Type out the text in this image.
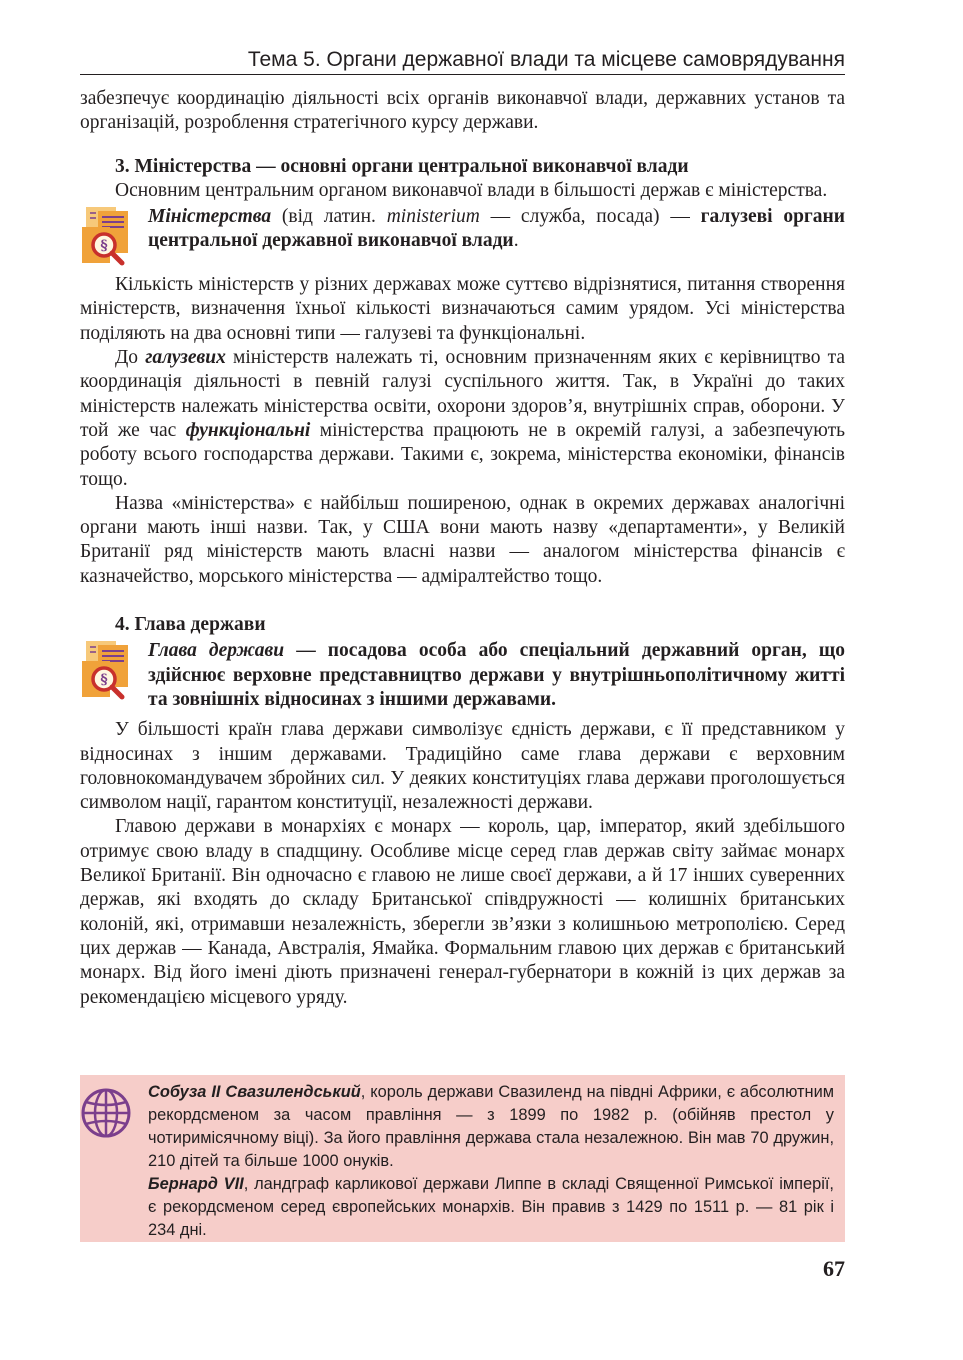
Тема 5. Органи державної влади та місцеве самоврядування

забезпечує координацію діяльності всіх органів виконавчої влади, державних установ та організацій, розроблення стратегічного курсу держави.

3. Міністерства — основні органи центральної виконавчої влади

Основним центральним органом виконавчої влади в більшості держав є міністерства.

§

Міністерства (від латин. ministerium — служба, посада) — галузеві органи центральної державної виконавчої влади.

Кількість міністерств у різних державах може суттєво відрізнятися, питання створення міністерств, визначення їхньої кількості визначаються самим урядом. Усі міністерства поділяють на два основні типи — галузеві та функціональні.

До галузевих міністерств належать ті, основним призначенням яких є керівництво та координація діяльності в певній галузі суспільного життя. Так, в Україні до таких міністерств належать міністерства освіти, охорони здоров’я, внутрішніх справ, оборони. У той же час функціональні міністерства працюють не в окремій галузі, а забезпечують роботу всього господарства держави. Такими є, зокрема, міністерства економіки, фінансів тощо.

Назва «міністерства» є найбільш поширеною, однак в окремих державах аналогічні органи мають інші назви. Так, у США вони мають назву «департаменти», у Великій Британії ряд міністерств мають власні назви — аналогом міністерства фінансів є казначейство, морського міністерства — адміралтейство тощо.

4. Глава держави
§

Глава держави — посадова особа або спеціальний державний орган, що здійснює верховне представництво держави у внутрішньополітичному житті та зовнішніх відносинах з іншими державами.

У більшості країн глава держави символізує єдність держави, є її представником у відносинах з іншим державами. Традиційно саме глава держави є верховним головнокомандувачем збройних сил. У деяких конституціях глава держави проголошується символом нації, гарантом конституції, незалежності держави.

Главою держави в монархіях є монарх — король, цар, імператор, який здебільшого отримує свою владу в спадщину. Особливе місце серед глав держав світу займає монарх Великої Британії. Він одночасно є главою не лише своєї держави, а й 17 інших суверенних держав, які входять до складу Британської співдружності — колишніх британських колоній, які, отримавши незалежність, зберегли зв’язки з колишньою метрополією. Серед цих держав — Канада, Австралія, Ямайка. Формальним главою цих держав є британський монарх. Від його імені діють призначені генерал-губернатори в кожній із цих держав за рекомендацією місцевого уряду.

Собуза II Свазилендський, король держави Свазиленд на півдні Африки, є абсолютним рекордсменом за часом правління — з 1899 по 1982 р. (обійняв престол у чотиримісячному віці). За його правління держава стала незалежною. Він мав 70 дружин, 210 дітей та більше 1000 онуків.

Бернард VII, ландграф карликової держави Липпе в складі Священної Римської імперії, є рекордсменом серед європейських монархів. Він правив з 1429 по 1511 р. — 81 рік і 234 дні.

67
